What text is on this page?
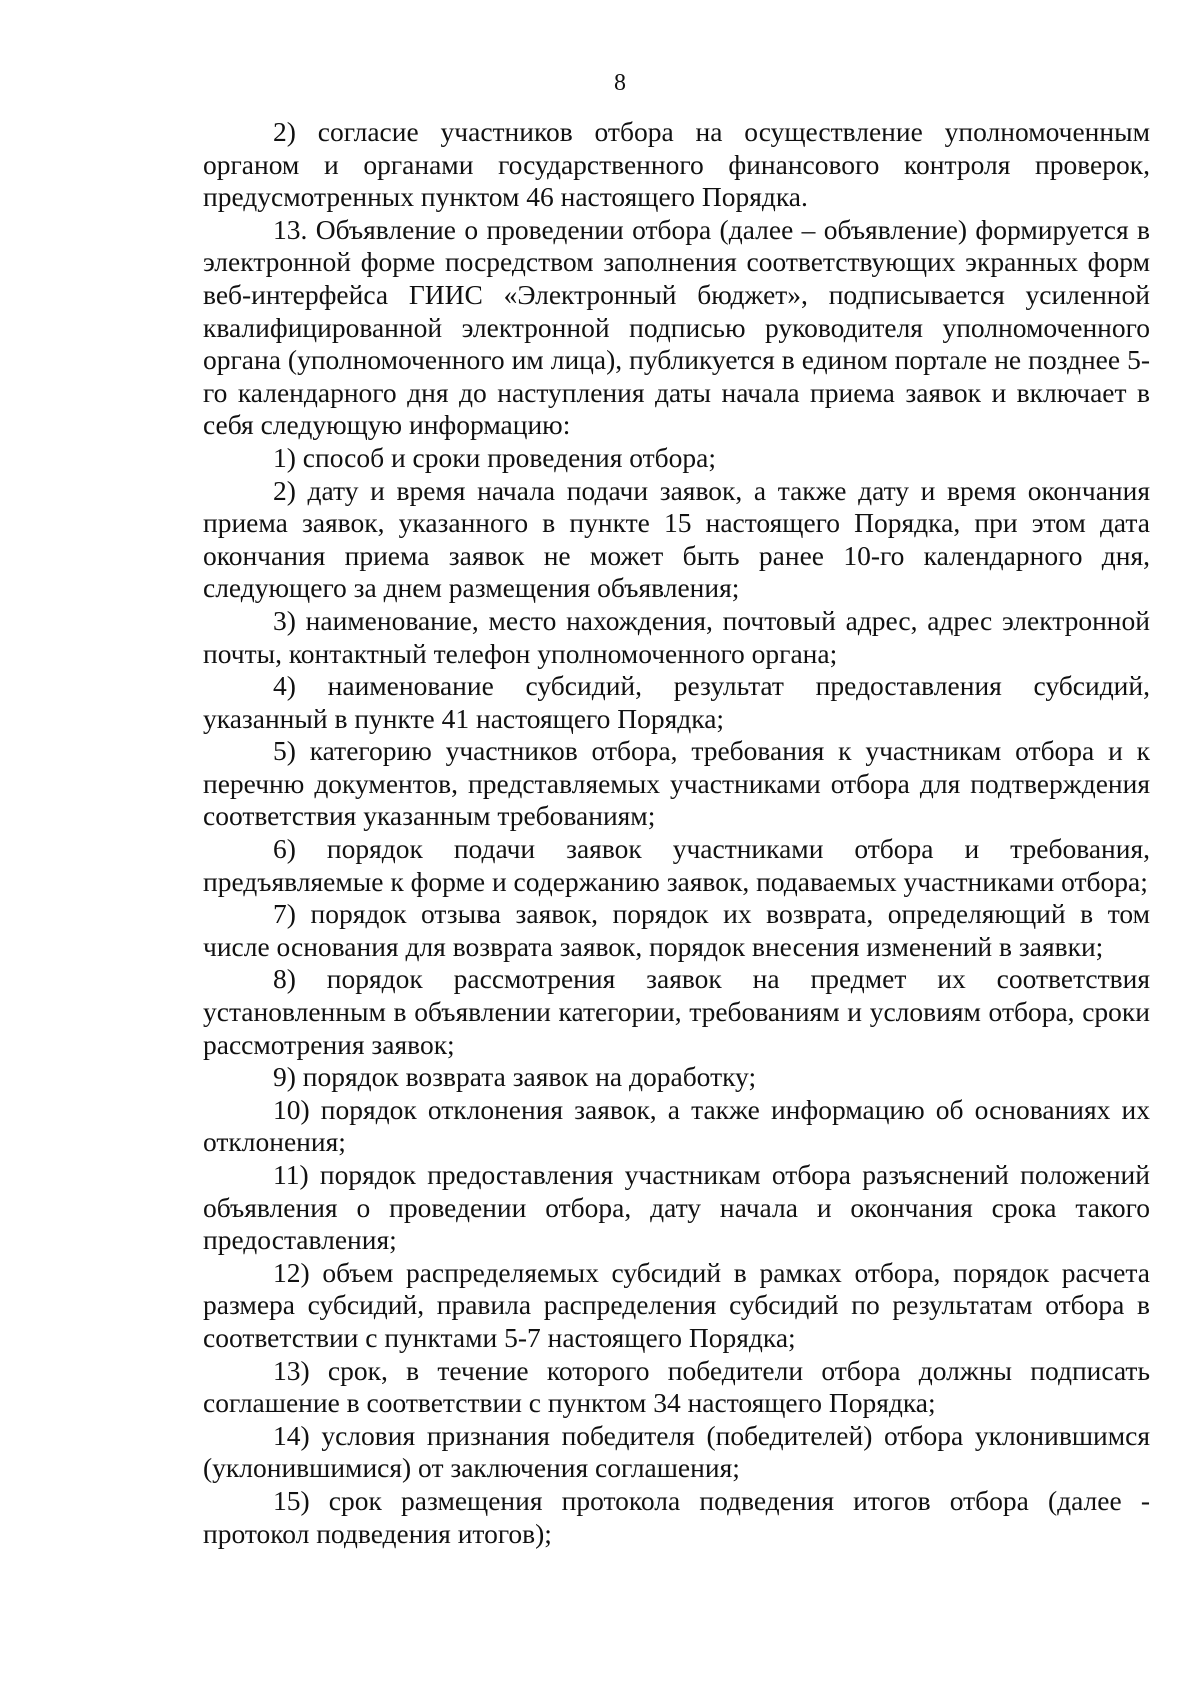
8

2) согласие участников отбора на осуществление уполномоченным органом и органами государственного финансового контроля проверок, предусмотренных пунктом 46 настоящего Порядка.

13. Объявление о проведении отбора (далее – объявление) формируется в электронной форме посредством заполнения соответствующих экранных форм веб-интерфейса ГИИС «Электронный бюджет», подписывается усиленной квалифицированной электронной подписью руководителя уполномоченного органа (уполномоченного им лица), публикуется в едином портале не позднее 5-го календарного дня до наступления даты начала приема заявок и включает в себя следующую информацию:

1) способ и сроки проведения отбора;

2) дату и время начала подачи заявок, а также дату и время окончания приема заявок, указанного в пункте 15 настоящего Порядка, при этом дата окончания приема заявок не может быть ранее 10-го календарного дня, следующего за днем размещения объявления;

3) наименование, место нахождения, почтовый адрес, адрес электронной почты, контактный телефон уполномоченного органа;

4) наименование субсидий, результат предоставления субсидий, указанный в пункте 41 настоящего Порядка;

5) категорию участников отбора, требования к участникам отбора и к перечню документов, представляемых участниками отбора для подтверждения соответствия указанным требованиям;

6) порядок подачи заявок участниками отбора и требования, предъявляемые к форме и содержанию заявок, подаваемых участниками отбора;

7) порядок отзыва заявок, порядок их возврата, определяющий в том числе основания для возврата заявок, порядок внесения изменений в заявки;

8) порядок рассмотрения заявок на предмет их соответствия установленным в объявлении категории, требованиям и условиям отбора, сроки рассмотрения заявок;

9) порядок возврата заявок на доработку;

10) порядок отклонения заявок, а также информацию об основаниях их отклонения;

11) порядок предоставления участникам отбора разъяснений положений объявления о проведении отбора, дату начала и окончания срока такого предоставления;

12) объем распределяемых субсидий в рамках отбора, порядок расчета размера субсидий, правила распределения субсидий по результатам отбора в соответствии с пунктами 5-7 настоящего Порядка;

13) срок, в течение которого победители отбора должны подписать соглашение в соответствии с пунктом 34 настоящего Порядка;

14) условия признания победителя (победителей) отбора уклонившимся (уклонившимися) от заключения соглашения;

15) срок размещения протокола подведения итогов отбора (далее - протокол подведения итогов);
